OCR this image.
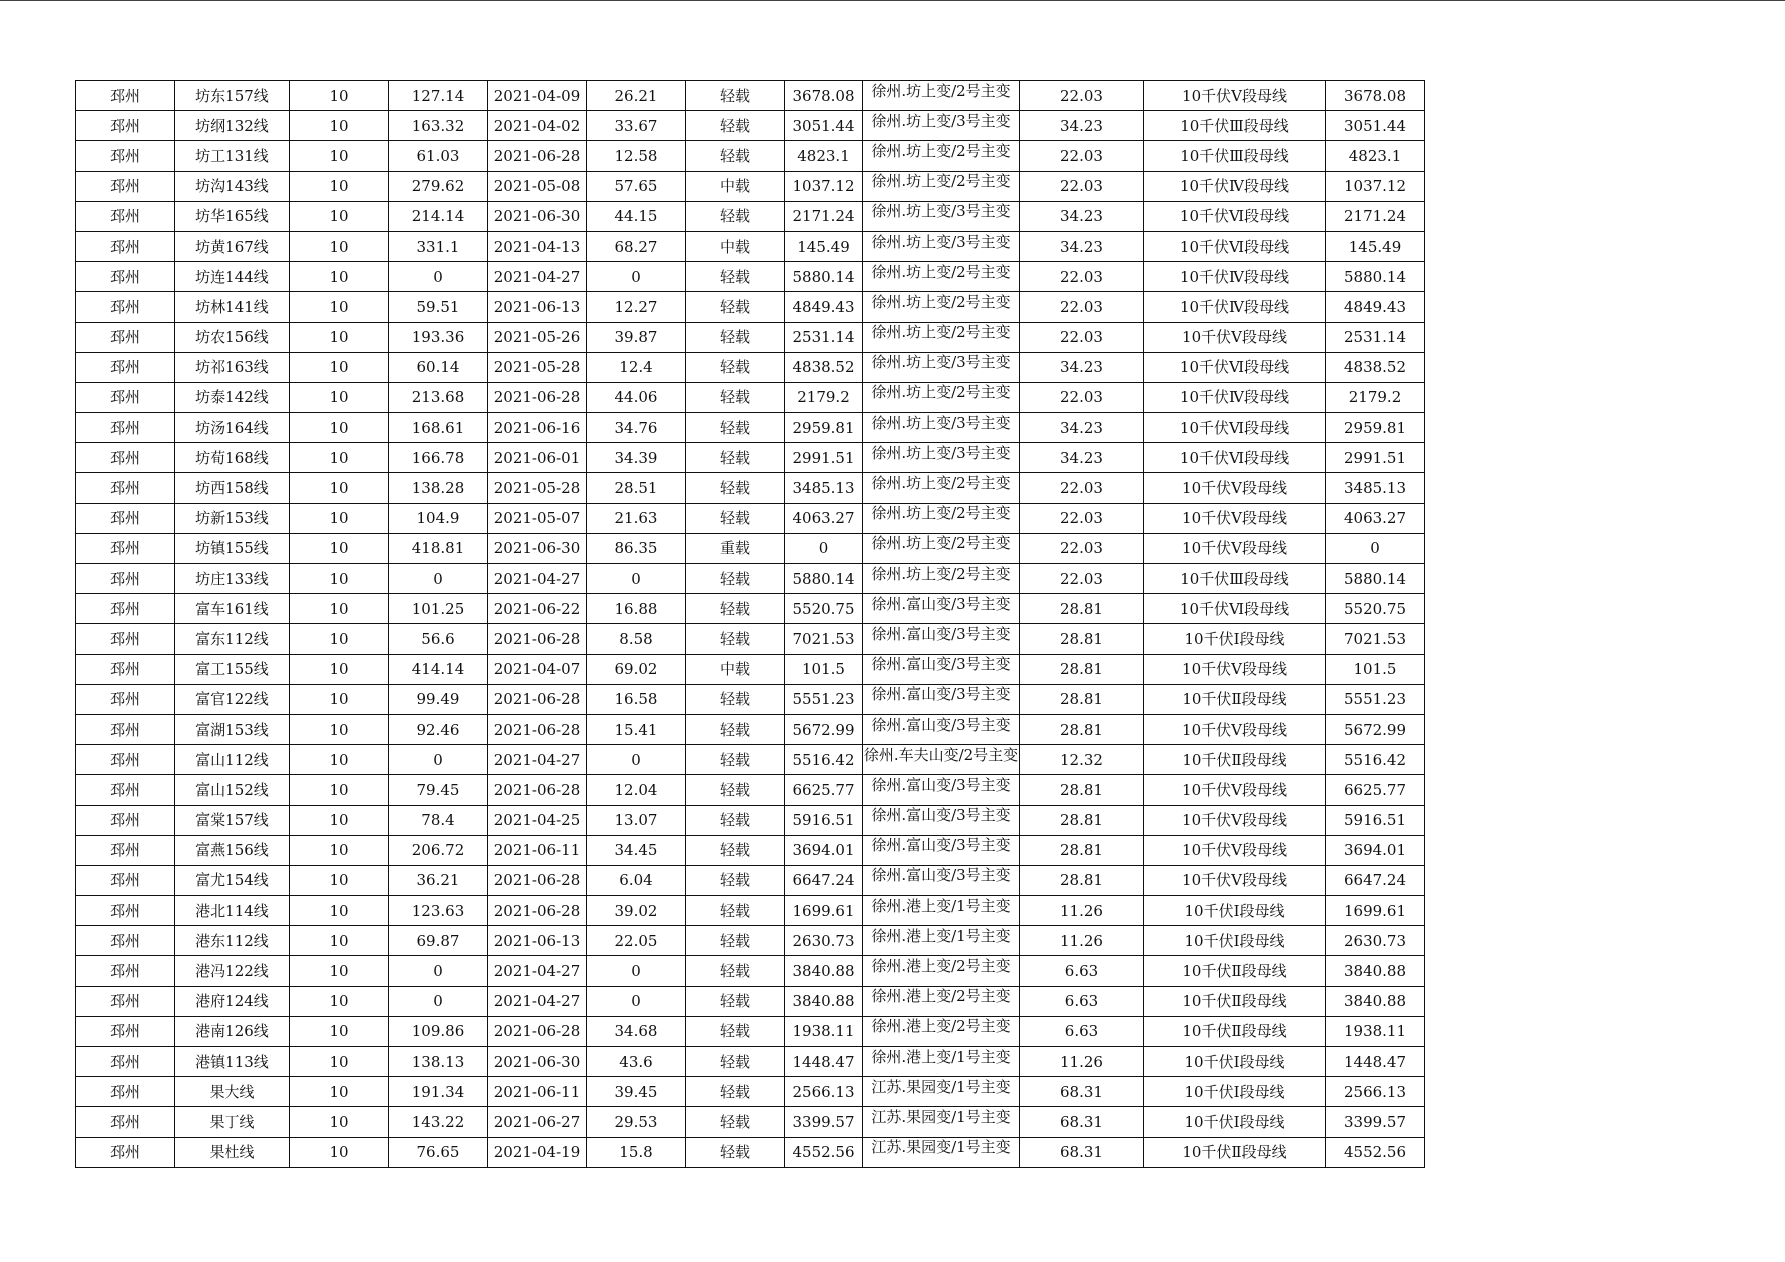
邳州	坊东157线	10	127.14	2021-04-09	26.21	轻载	3678.08	徐州.坊上变/2号主变	22.03	10千伏Ⅴ段母线	3678.08
邳州	坊纲132线	10	163.32	2021-04-02	33.67	轻载	3051.44	徐州.坊上变/3号主变	34.23	10千伏Ⅲ段母线	3051.44
邳州	坊工131线	10	61.03	2021-06-28	12.58	轻载	4823.1	徐州.坊上变/2号主变	22.03	10千伏Ⅲ段母线	4823.1
邳州	坊沟143线	10	279.62	2021-05-08	57.65	中载	1037.12	徐州.坊上变/2号主变	22.03	10千伏Ⅳ段母线	1037.12
邳州	坊华165线	10	214.14	2021-06-30	44.15	轻载	2171.24	徐州.坊上变/3号主变	34.23	10千伏Ⅵ段母线	2171.24
邳州	坊黄167线	10	331.1	2021-04-13	68.27	中载	145.49	徐州.坊上变/3号主变	34.23	10千伏Ⅵ段母线	145.49
邳州	坊连144线	10	0	2021-04-27	0	轻载	5880.14	徐州.坊上变/2号主变	22.03	10千伏Ⅳ段母线	5880.14
邳州	坊林141线	10	59.51	2021-06-13	12.27	轻载	4849.43	徐州.坊上变/2号主变	22.03	10千伏Ⅳ段母线	4849.43
邳州	坊农156线	10	193.36	2021-05-26	39.87	轻载	2531.14	徐州.坊上变/2号主变	22.03	10千伏Ⅴ段母线	2531.14
邳州	坊祁163线	10	60.14	2021-05-28	12.4	轻载	4838.52	徐州.坊上变/3号主变	34.23	10千伏Ⅵ段母线	4838.52
邳州	坊泰142线	10	213.68	2021-06-28	44.06	轻载	2179.2	徐州.坊上变/2号主变	22.03	10千伏Ⅳ段母线	2179.2
邳州	坊汤164线	10	168.61	2021-06-16	34.76	轻载	2959.81	徐州.坊上变/3号主变	34.23	10千伏Ⅵ段母线	2959.81
邳州	坊荀168线	10	166.78	2021-06-01	34.39	轻载	2991.51	徐州.坊上变/3号主变	34.23	10千伏Ⅵ段母线	2991.51
邳州	坊西158线	10	138.28	2021-05-28	28.51	轻载	3485.13	徐州.坊上变/2号主变	22.03	10千伏Ⅴ段母线	3485.13
邳州	坊新153线	10	104.9	2021-05-07	21.63	轻载	4063.27	徐州.坊上变/2号主变	22.03	10千伏Ⅴ段母线	4063.27
邳州	坊镇155线	10	418.81	2021-06-30	86.35	重载	0	徐州.坊上变/2号主变	22.03	10千伏Ⅴ段母线	0
邳州	坊庄133线	10	0	2021-04-27	0	轻载	5880.14	徐州.坊上变/2号主变	22.03	10千伏Ⅲ段母线	5880.14
邳州	富车161线	10	101.25	2021-06-22	16.88	轻载	5520.75	徐州.富山变/3号主变	28.81	10千伏Ⅵ段母线	5520.75
邳州	富东112线	10	56.6	2021-06-28	8.58	轻载	7021.53	徐州.富山变/3号主变	28.81	10千伏Ⅰ段母线	7021.53
邳州	富工155线	10	414.14	2021-04-07	69.02	中载	101.5	徐州.富山变/3号主变	28.81	10千伏Ⅴ段母线	101.5
邳州	富官122线	10	99.49	2021-06-28	16.58	轻载	5551.23	徐州.富山变/3号主变	28.81	10千伏Ⅱ段母线	5551.23
邳州	富湖153线	10	92.46	2021-06-28	15.41	轻载	5672.99	徐州.富山变/3号主变	28.81	10千伏Ⅴ段母线	5672.99
邳州	富山112线	10	0	2021-04-27	0	轻载	5516.42	徐州.车夫山变/2号主变	12.32	10千伏Ⅱ段母线	5516.42
邳州	富山152线	10	79.45	2021-06-28	12.04	轻载	6625.77	徐州.富山变/3号主变	28.81	10千伏Ⅴ段母线	6625.77
邳州	富棠157线	10	78.4	2021-04-25	13.07	轻载	5916.51	徐州.富山变/3号主变	28.81	10千伏Ⅴ段母线	5916.51
邳州	富燕156线	10	206.72	2021-06-11	34.45	轻载	3694.01	徐州.富山变/3号主变	28.81	10千伏Ⅴ段母线	3694.01
邳州	富尤154线	10	36.21	2021-06-28	6.04	轻载	6647.24	徐州.富山变/3号主变	28.81	10千伏Ⅴ段母线	6647.24
邳州	港北114线	10	123.63	2021-06-28	39.02	轻载	1699.61	徐州.港上变/1号主变	11.26	10千伏Ⅰ段母线	1699.61
邳州	港东112线	10	69.87	2021-06-13	22.05	轻载	2630.73	徐州.港上变/1号主变	11.26	10千伏Ⅰ段母线	2630.73
邳州	港冯122线	10	0	2021-04-27	0	轻载	3840.88	徐州.港上变/2号主变	6.63	10千伏Ⅱ段母线	3840.88
邳州	港府124线	10	0	2021-04-27	0	轻载	3840.88	徐州.港上变/2号主变	6.63	10千伏Ⅱ段母线	3840.88
邳州	港南126线	10	109.86	2021-06-28	34.68	轻载	1938.11	徐州.港上变/2号主变	6.63	10千伏Ⅱ段母线	1938.11
邳州	港镇113线	10	138.13	2021-06-30	43.6	轻载	1448.47	徐州.港上变/1号主变	11.26	10千伏Ⅰ段母线	1448.47
邳州	果大线	10	191.34	2021-06-11	39.45	轻载	2566.13	江苏.果园变/1号主变	68.31	10千伏Ⅰ段母线	2566.13
邳州	果丁线	10	143.22	2021-06-27	29.53	轻载	3399.57	江苏.果园变/1号主变	68.31	10千伏Ⅰ段母线	3399.57
邳州	果杜线	10	76.65	2021-04-19	15.8	轻载	4552.56	江苏.果园变/1号主变	68.31	10千伏Ⅱ段母线	4552.56
